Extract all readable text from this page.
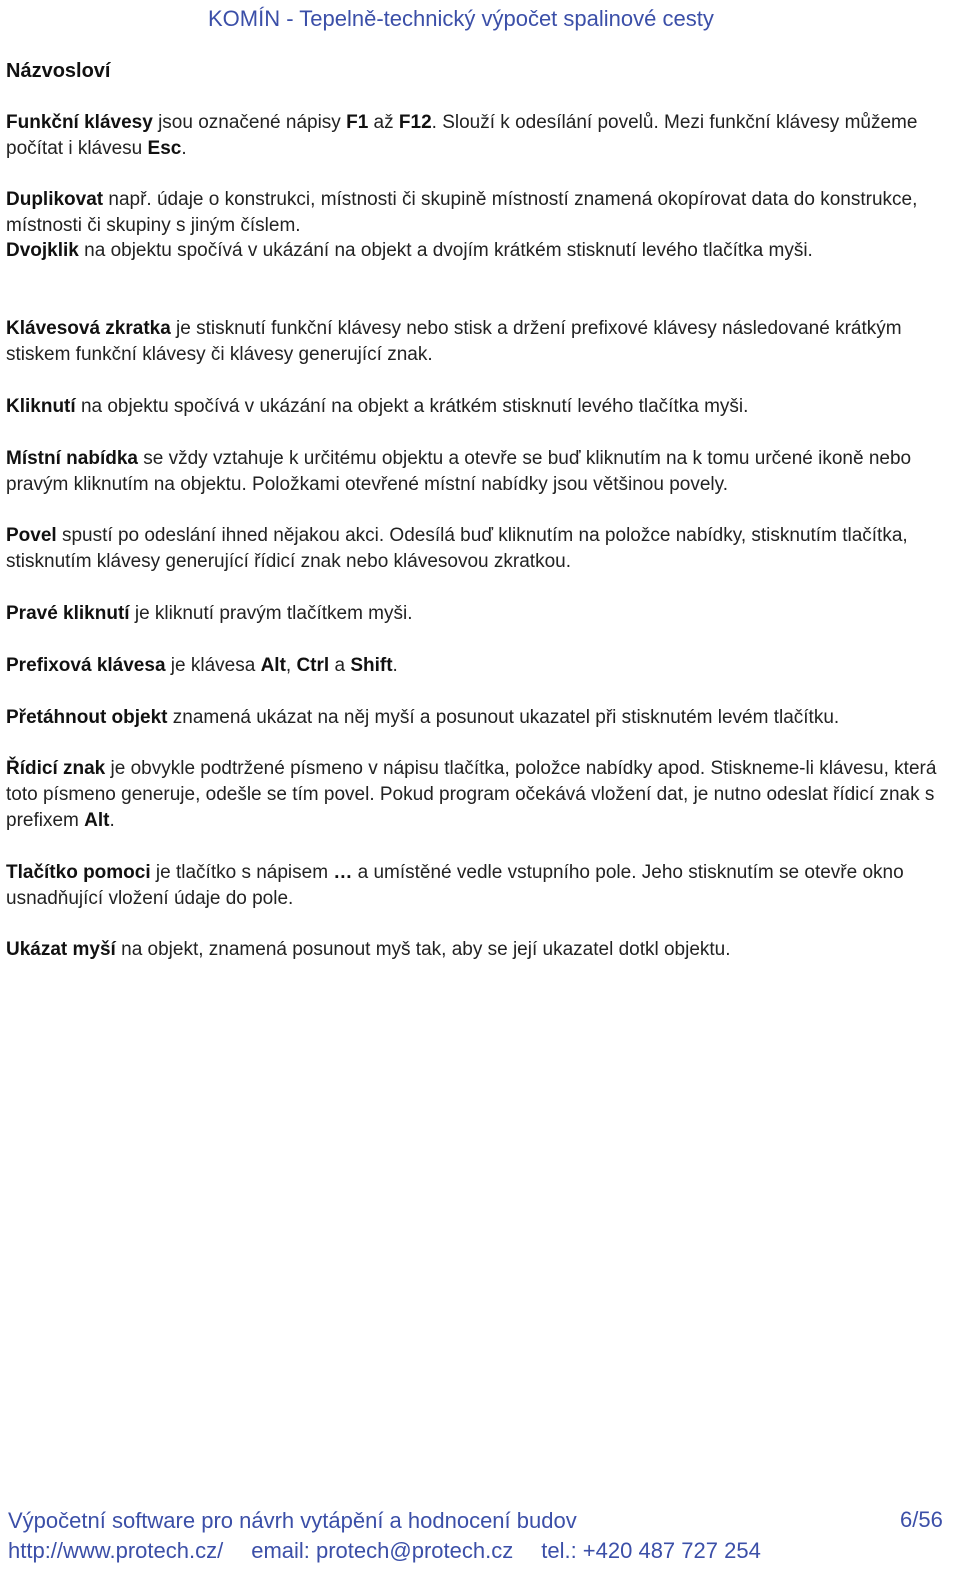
KOMÍN - Tepelně-technický výpočet spalinové cesty
Názvosloví
Funkční klávesy jsou označené nápisy F1 až F12. Slouží k odesílání povelů. Mezi funkční klávesy můžeme počítat i klávesu Esc.
Duplikovat např. údaje o konstrukci, místnosti či skupině místností znamená okopírovat data do konstrukce, místnosti či skupiny s jiným číslem.
Dvojklik na objektu spočívá v ukázání na objekt a dvojím krátkém stisknutí levého tlačítka myši.
Klávesová zkratka je stisknutí funkční klávesy nebo stisk a držení prefixové klávesy následované krátkým stiskem funkční klávesy či klávesy generující znak.
Kliknutí na objektu spočívá v ukázání na objekt a krátkém stisknutí levého tlačítka myši.
Místní nabídka se vždy vztahuje k určitému objektu a otevře se buď kliknutím na k tomu určené ikoně nebo pravým kliknutím na objektu. Položkami otevřené místní nabídky jsou většinou povely.
Povel spustí po odeslání ihned nějakou akci. Odesílá buď kliknutím na položce nabídky, stisknutím tlačítka, stisknutím klávesy generující řídicí znak nebo klávesovou zkratkou.
Pravé kliknutí je kliknutí pravým tlačítkem myši.
Prefixová klávesa je klávesa Alt, Ctrl a Shift.
Přetáhnout objekt znamená ukázat na něj myší a posunout ukazatel při stisknutém levém tlačítku.
Řídicí znak je obvykle podtržené písmeno v nápisu tlačítka, položce nabídky apod. Stiskneme-li klávesu, která toto písmeno generuje, odešle se tím povel. Pokud program očekává vložení dat, je nutno odeslat řídicí znak s prefixem Alt.
Tlačítko pomoci je tlačítko s nápisem … a umístěné vedle vstupního pole. Jeho stisknutím se otevře okno usnadňující vložení údaje do pole.
Ukázat myší na objekt, znamená posunout myš tak, aby se její ukazatel dotkl objektu.
Výpočetní software pro návrh vytápění a hodnocení budov	6/56
http://www.protech.cz/ email: protech@protech.cz tel.: +420 487 727 254
